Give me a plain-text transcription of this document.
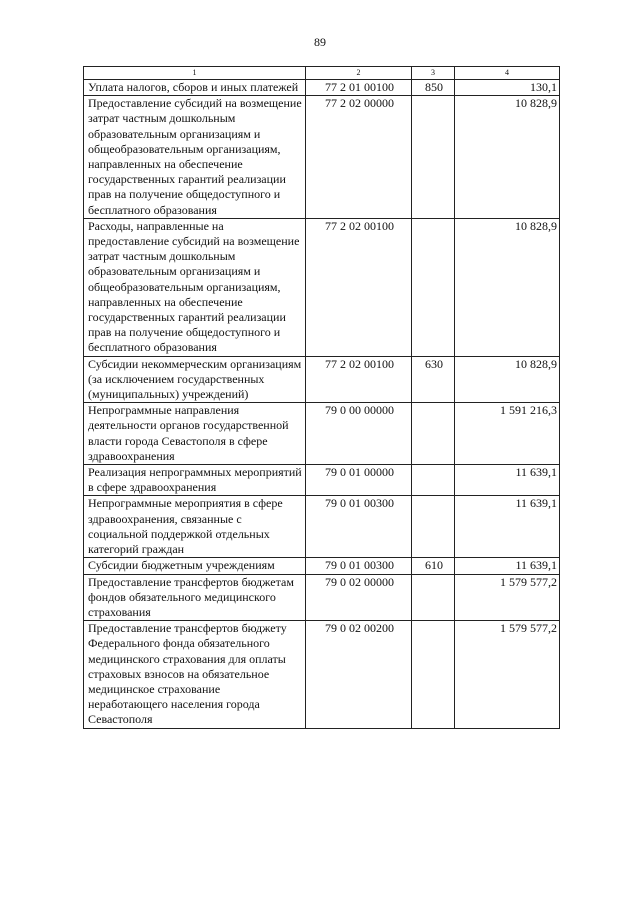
89
1	2	3	4
Уплата налогов, сборов и иных платежей	77 2 01 00100	850	130,1
Предоставление субсидий на возмещение затрат частным дошкольным образовательным организациям и общеобразовательным организациям, направленных на обеспечение государственных гарантий реализации прав на получение общедоступного и бесплатного образования	77 2 02 00000		10 828,9
Расходы, направленные на предоставление субсидий на возмещение затрат частным дошкольным образовательным организациям и общеобразовательным организациям, направленных на обеспечение государственных гарантий реализации прав на получение общедоступного и бесплатного образования	77 2 02 00100		10 828,9
Субсидии некоммерческим организациям (за исключением государственных (муниципальных) учреждений)	77 2 02 00100	630	10 828,9
Непрограммные направления деятельности органов государственной власти города Севастополя в сфере здравоохранения	79 0 00 00000		1 591 216,3
Реализация непрограммных мероприятий в сфере здравоохранения	79 0 01 00000		11 639,1
Непрограммные мероприятия в сфере здравоохранения, связанные с социальной поддержкой отдельных категорий граждан	79 0 01 00300		11 639,1
Субсидии бюджетным учреждениям	79 0 01 00300	610	11 639,1
Предоставление трансфертов бюджетам фондов обязательного медицинского страхования	79 0 02 00000		1 579 577,2
Предоставление трансфертов бюджету Федерального фонда обязательного медицинского страхования для оплаты страховых взносов на обязательное медицинское страхование неработающего населения города Севастополя	79 0 02 00200		1 579 577,2
